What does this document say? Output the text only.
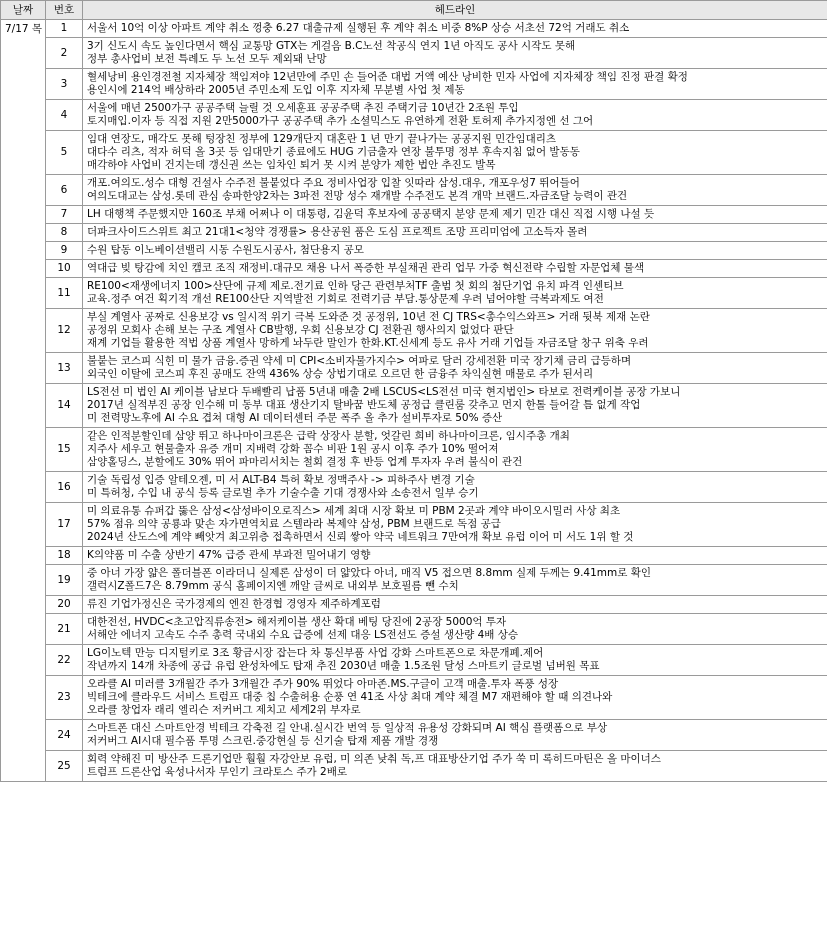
날짜	번호	헤드라인
7/17 목	1	서울서 10억 이상 아파트 계약 취소 껑충 6.27 대출규제 실행된 후 계약 취소 비중 8%P 상승 서초선 72억 거래도 취소

	2	3기 신도시 속도 높인다면서 핵심 교통망 GTX는 게걸음 B.C노선 착공식 연지 1년 아직도 공사 시작도 못해
정부 총사업비 보전 특례도 두 노선 모두 제외돼 난망

	3	혈세낭비 용인경전철 지자체장 책임져야 12년만에 주민 손 들어준 대법 거액 예산 낭비한 민자 사업에 지자체장 책임 진정 판결 확정
용인시에 214억 배상하라 2005년 주민소제 도입 이후 지자체 무분별 사업 첫 제동

	4	서울에 매년 2500가구 공공주택 늘릴 것 오세훈표 공공주택 추진 주택기금 10년간 2조원 투입
토지매입.이자 등 직접 지원 2만5000가구 공공주택 추가 소셜믹스도 유연하게 전환 토허제 추가지정엔 선 그어

	5	임대 연장도, 매각도 못해 텅장친 정부에 129개단지 대혼란 1 년 만기 끝나가는 공공지원 민간임대리츠
대다수 리츠, 적자 허덕 올 3곳 등 임대만기 종료에도 HUG 기금출자 연장 불투명 정부 후속지침 없어 발동동
매각하야 사업비 건지는데 갱신권 쓰는 임차인 퇴거 못 시켜 분양가 제한 법안 추진도 발목

	6	개포.여의도.성수 대형 건설사 수주전 불붙었다 주요 정비사업장 입찰 잇따라 삼성.대우, 개포우성7 뛰어들어
여의도대교는 삼성.롯데 관심 송파한양2차는 3파전 전망 성수 재개발 수주전도 본격 개막 브랜드.자금조달 능력이 관건

	7	LH 대행책 주문했지만 160조 부채 어쩌나 이 대통령, 김윤덕 후보자에 공공택지 분양 문제 제기 민간 대신 직접 시행 나설 듯

	8	더파크사이드스위트 최고 21대1<청약 경쟁률> 용산공원 품은 도심 프로젝트 조망 프리미엄에 고소득자 몰려

	9	수원 탑동 이노베이션밸리 시동 수원도시공사, 첨단용지 공모

	10	역대급 빚 탕감에 치인 캠코 조직 재정비.대규모 채용 나서 폭증한 부실채권 관리 업무 가중 혁신전략 수립할 자문업체 물색

	11	RE100<재생에너지 100>산단에 규제 제로.전기료 인하 당근 관련부처TF 출범 첫 회의 첨단기업 유치 파격 인센티브
교육.정주 여건 획기적 개선 RE100산단 지역발전 기회로 전력기금 부담.통상문제 우려 넘어야할 극복과제도 여전

	12	부실 계열사 공짜로 신용보강 vs 일시적 위기 극복 도와준 것 공정위, 10년 전 CJ TRS<총수익스와프> 거래 뒷북 제재 논란
공정위 모회사 손해 보는 구조 계열사 CB발행, 우회 신용보강 CJ 전환권 행사의지 없었다 판단
재계 기업들 활용한 적법 상품 계열사 망하게 놔두란 말인가 한화.KT.신세계 등도 유사 거래 기업들 자금조달 창구 위축 우려

	13	불붙는 코스피 식힌 미 물가 금융.증권 약세 미 CPI<소비자물가지수> 여파로 달러 강세전환 미국 장기채 금리 급등하며
외국인 이탈에 코스피 후진 공매도 잔액 436% 상승 상법기대로 오르던 한 금융주 차익실현 매물로 주가 된서리

	14	LS전선 미 법인 AI 케이블 남보다 두배빨리 납품 5년내 매출 2배 LSCUS<LS전선 미국 현지법인> 타보로 전력케이블 공장 가보니
2017년 실적부진 공장 인수해 미 동부 대표 생산기지 탈바꿈 반도체 공정급 클린룸 갖추고 먼지 한톨 들어갈 틈 없게 작업
미 전력망노후에 AI 수요 겹쳐 대형 AI 데이터센터 주문 폭주 올 추가 설비투자로 50% 증산

	15	같은 인적분할인데 삼양 뛰고 하나마이크론은 급락 상장사 분할, 엇갈린 희비 하나마이크론, 임시주총 개최
지주사 세우고 현물출자 유증 개미 지배력 강화 꼼수 비판 1원 공시 이후 주가 10% 떨어져
삼양홀딩스, 분할에도 30% 뛰어 파마리서치는 철회 결정 후 반등 업계 투자자 우려 불식이 관건

	16	기술 독립성 입증 알테오젠, 미 서 ALT-B4 특허 확보 정맥주사 -> 피하주사 변경 기술
미 특허청, 수입 내 공식 등록 글로벌 추가 기술수출 기대 경쟁사와 소송전서 일부 승기

	17	미 의료유통 슈퍼갑 뚫은 삼성<삼성바이오로직스> 세계 최대 시장 확보 미 PBM 2곳과 계약 바이오시밀러 사상 최초
57% 점유 의약 공룡과 맞손 자가면역치료 스텔라라 복제약 삼성, PBM 브랜드로 독점 공급
2024년 산도스에 계약 빼앗겨 최고위층 접촉하면서 신뢰 쌓아 약국 네트워크 7만여개 확보 유럽 이어 미 서도 1위 할 것

	18	K의약품 미 수출 상반기 47% 급증 관세 부과전 밀어내기 영향

	19	중 아너 가장 얇은 폴더블폰 이라더니 실제론 삼성이 더 얇았다 아너, 매직 V5 접으면 8.8mm 실제 두께는 9.41mm로 확인
갤럭시Z폴드7은 8.79mm 공식 홈페이지엔 깨알 글씨로 내외부 보호필름 뺀 수치

	20	류진 기업가정신은 국가경제의 엔진 한경협 경영자 제주하계포럼

	21	대한전선, HVDC<초고압직류송전> 해저케이블 생산 확대 베팅 당진에 2공장 5000억 투자
서해안 에너지 고속도 수주 총력 국내외 수요 급증에 선제 대응 LS전선도 증설 생산량 4배 상승

	22	LG이노텍 만능 디지털키로 3조 황금시장 잡는다 차 통신부품 사업 강화 스마트폰으로 차문개폐.제어
작년까지 14개 차종에 공급 유럽 완성차에도 탑재 추진 2030년 매출 1.5조원 달성 스마트키 글로벌 넘버원 목표

	23	오라클 AI 미러클 3개월간 주가 3개월간 주가 90% 뛰었다 아마존.MS.구글이 고객 매출.투자 폭풍 성장
빅테크에 클라우드 서비스 트럼프 대중 칩 수출허용 순풍 연 41조 사상 최대 계약 체결 M7 재편해야 할 때 의견나와
오라클 창업자 래리 엘리슨 저커버그 제치고 세계2위 부자로

	24	스마트폰 대신 스마트안경 빅테크 각축전 길 안내.실시간 번역 등 일상적 유용성 강화되며 AI 핵심 플랫폼으로 부상
저커버그 AI시대 필수품 투명 스크린.중강현실 등 신기술 탑재 제품 개발 경쟁

	25	회력 약해진 미 방산주 드론기업만 훨훨 자강안보 유럽, 미 의존 낮춰 독,프 대표방산기업 주가 쑥 미 록히드마틴은 올 마이너스
트럼프 드론산업 육성나서자 무인기 크라토스 주가 2배로
